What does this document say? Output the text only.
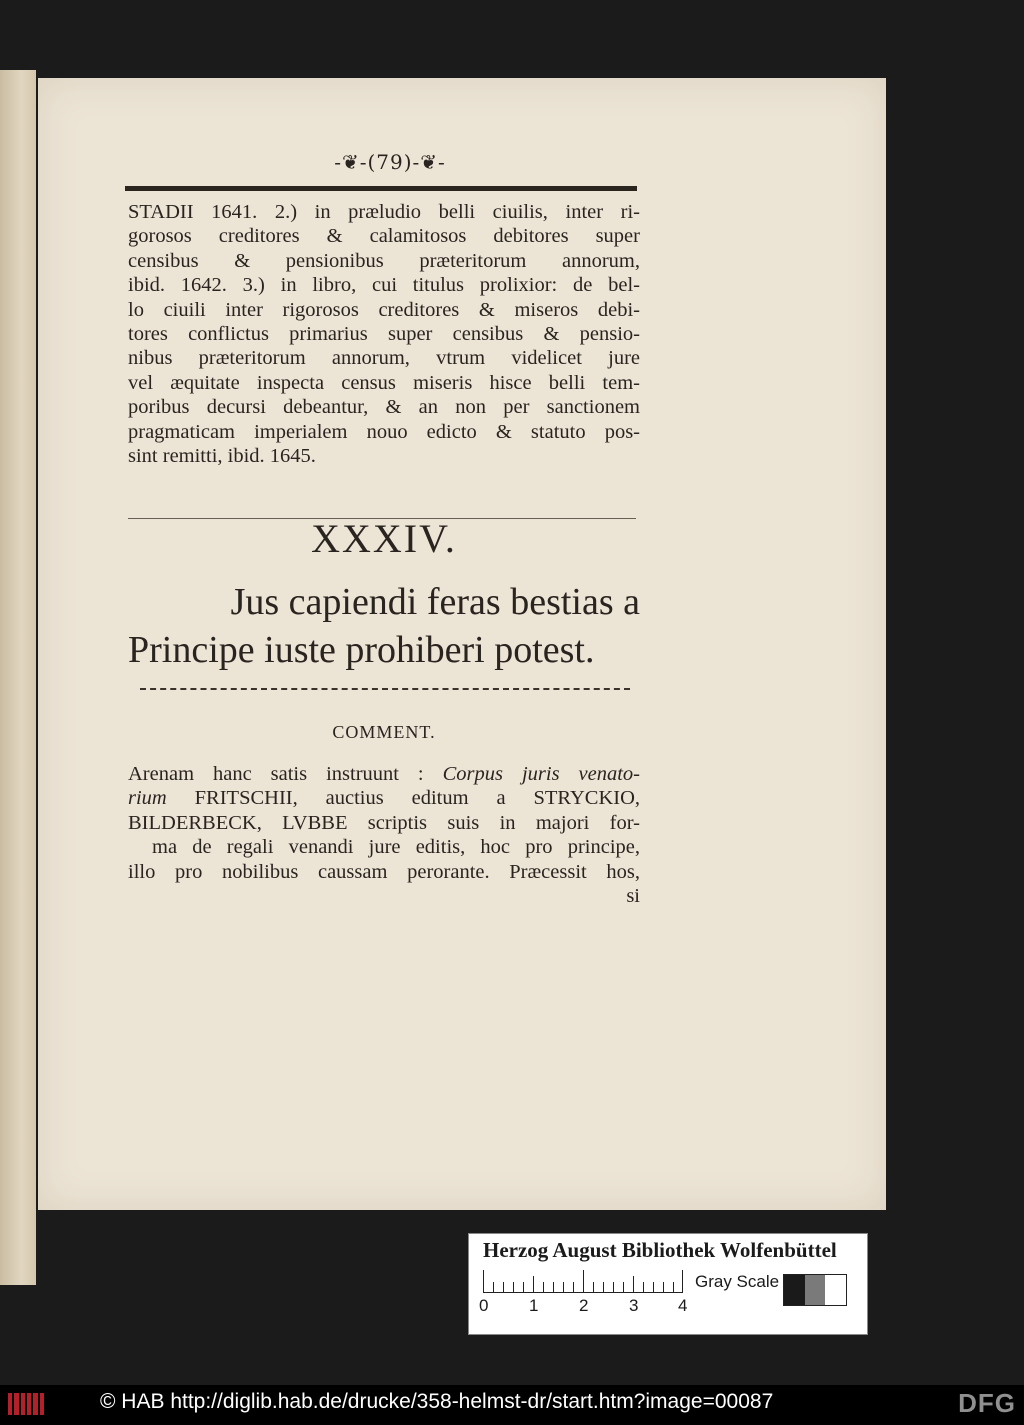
-❦-(79)-❦-
STADII 1641. 2.) in præludio belli ciuilis, inter ri-
gorosos creditores & calamitosos debitores super
censibus & pensionibus præteritorum annorum,
ibid. 1642. 3.) in libro, cui titulus prolixior: de bel-
lo ciuili inter rigorosos creditores & miseros debi-
tores conflictus primarius super censibus & pensio-
nibus præteritorum annorum, vtrum videlicet jure
vel æquitate inspecta census miseris hisce belli tem-
poribus decursi debeantur, & an non per sanctionem
pragmaticam imperialem nouo edicto & statuto pos-
sint remitti, ibid. 1645.
XXXIV.
Jus capiendi feras bestias a
Principe iuste prohiberi potest.
COMMENT.
Arenam hanc satis instruunt : Corpus juris venato-
rium FRITSCHII, auctius editum a STRYCKIO,
BILDERBECK, LVBBE scriptis suis in majori for-
ma de regali venandi jure editis, hoc pro principe,
illo pro nobilibus caussam perorante. Præcessit hos,
si
Herzog August Bibliothek Wolfenbüttel
0 1 2 3 4
Gray Scale
© HAB http://diglib.hab.de/drucke/358-helmst-dr/start.htm?image=00087	DFG
